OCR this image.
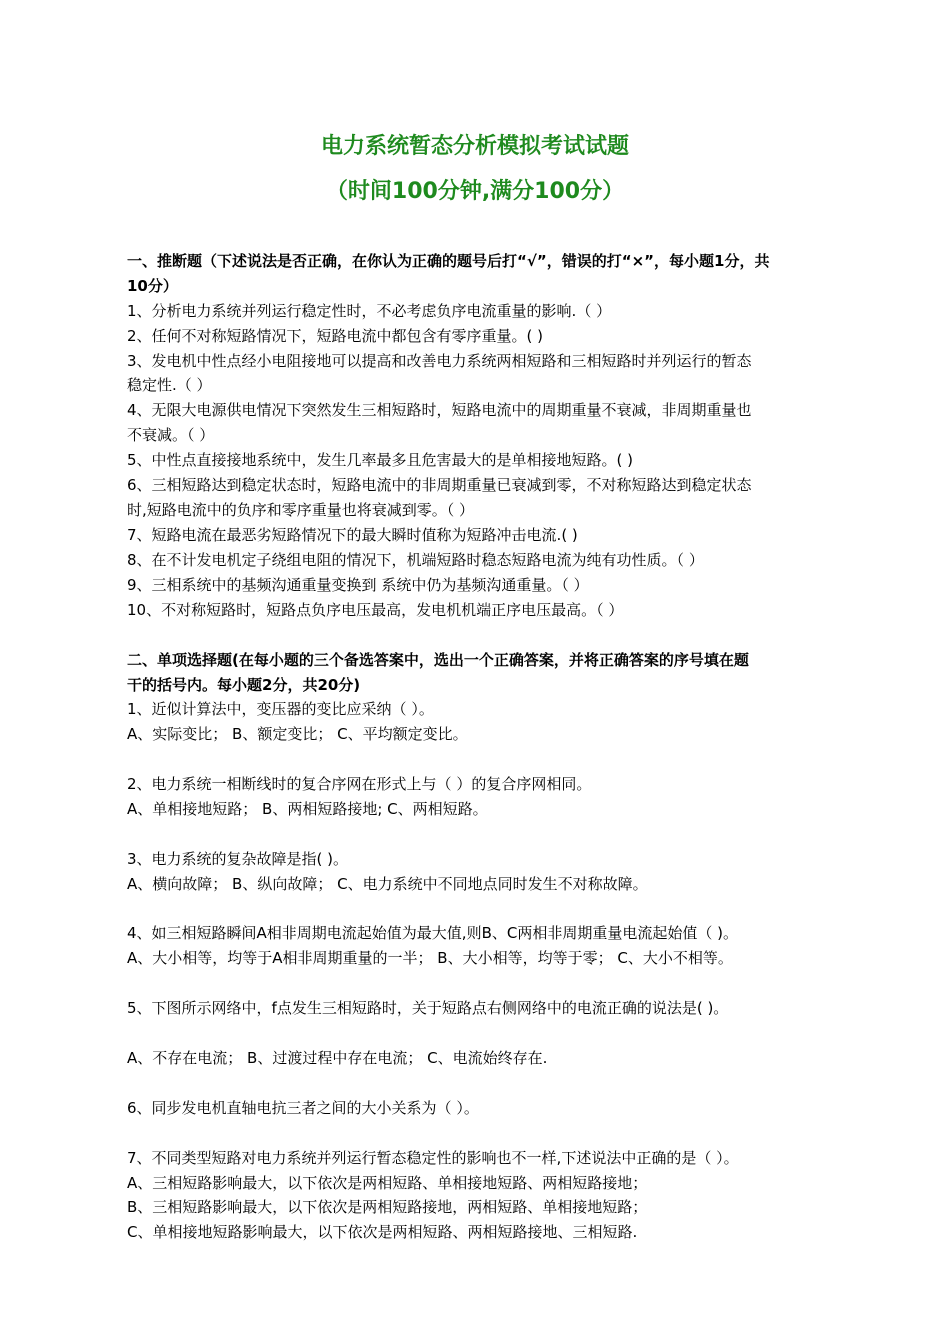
电力系统暂态分析模拟考试试题
（时间100分钟,满分100分）
一、推断题（下述说法是否正确，在你认为正确的题号后打“√”，错误的打“×”，每小题1分，共
10分）
1、分析电力系统并列运行稳定性时，不必考虑负序电流重量的影响.（ ）
2、任何不对称短路情况下，短路电流中都包含有零序重量。( )
3、发电机中性点经小电阻接地可以提高和改善电力系统两相短路和三相短路时并列运行的暂态
稳定性.（ ）
4、无限大电源供电情况下突然发生三相短路时，短路电流中的周期重量不衰减，非周期重量也
不衰减。（ ）
5、中性点直接接地系统中，发生几率最多且危害最大的是单相接地短路。( )
6、三相短路达到稳定状态时，短路电流中的非周期重量已衰减到零，不对称短路达到稳定状态
时,短路电流中的负序和零序重量也将衰减到零。（ ）
7、短路电流在最恶劣短路情况下的最大瞬时值称为短路冲击电流.( )
8、在不计发电机定子绕组电阻的情况下，机端短路时稳态短路电流为纯有功性质。（ ）
9、三相系统中的基频沟通重量变换到 系统中仍为基频沟通重量。（ ）
10、不对称短路时，短路点负序电压最高，发电机机端正序电压最高。（ ）
二、单项选择题(在每小题的三个备选答案中，选出一个正确答案，并将正确答案的序号填在题
干的括号内。每小题2分，共20分)
1、近似计算法中，变压器的变比应采纳（ ）。
A、实际变比； B、额定变比； C、平均额定变比。
2、电力系统一相断线时的复合序网在形式上与（ ）的复合序网相同。
A、单相接地短路； B、两相短路接地; C、两相短路。
3、电力系统的复杂故障是指( )。
A、横向故障； B、纵向故障； C、电力系统中不同地点同时发生不对称故障。
4、如三相短路瞬间A相非周期电流起始值为最大值,则B、C两相非周期重量电流起始值（ )。
A、大小相等，均等于A相非周期重量的一半； B、大小相等，均等于零； C、大小不相等。
5、下图所示网络中，f点发生三相短路时，关于短路点右侧网络中的电流正确的说法是( )。
A、不存在电流； B、过渡过程中存在电流； C、电流始终存在.
6、同步发电机直轴电抗三者之间的大小关系为（ ）。
7、不同类型短路对电力系统并列运行暂态稳定性的影响也不一样,下述说法中正确的是（ ）。
A、三相短路影响最大，以下依次是两相短路、单相接地短路、两相短路接地；
B、三相短路影响最大，以下依次是两相短路接地，两相短路、单相接地短路；
C、单相接地短路影响最大，以下依次是两相短路、两相短路接地、三相短路.
